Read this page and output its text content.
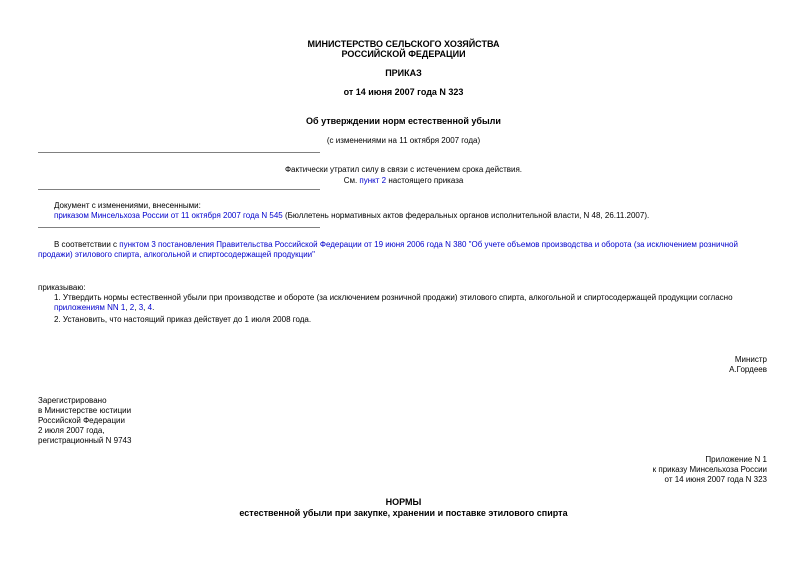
МИНИСТЕРСТВО СЕЛЬСКОГО ХОЗЯЙСТВА
РОССИЙСКОЙ ФЕДЕРАЦИИ
ПРИКАЗ
от 14 июня 2007 года N 323
Об утверждении норм естественной убыли
(с изменениями на 11 октября 2007 года)
Фактически утратил силу в связи с истечением срока действия.
См. пункт 2 настоящего приказа
Документ с изменениями, внесенными:
приказом Минсельхоза России от 11 октября 2007 года N 545 (Бюллетень нормативных актов федеральных органов исполнительной власти, N 48, 26.11.2007).
В соответствии с пунктом 3 постановления Правительства Российской Федерации от 19 июня 2006 года N 380 "Об учете объемов производства и оборота (за исключением розничной продажи) этилового спирта, алкогольной и спиртосодержащей продукции"
приказываю:
1. Утвердить нормы естественной убыли при производстве и обороте (за исключением розничной продажи) этилового спирта, алкогольной и спиртосодержащей продукции согласно приложениям NN 1, 2, 3, 4.
2. Установить, что настоящий приказ действует до 1 июля 2008 года.
Министр
А.Гордеев
Зарегистрировано
в Министерстве юстиции
Российской Федерации
2 июля 2007 года,
регистрационный N 9743
Приложение N 1
к приказу Минсельхоза России
от 14 июня 2007 года N 323
НОРМЫ
естественной убыли при закупке, хранении и поставке этилового спирта
